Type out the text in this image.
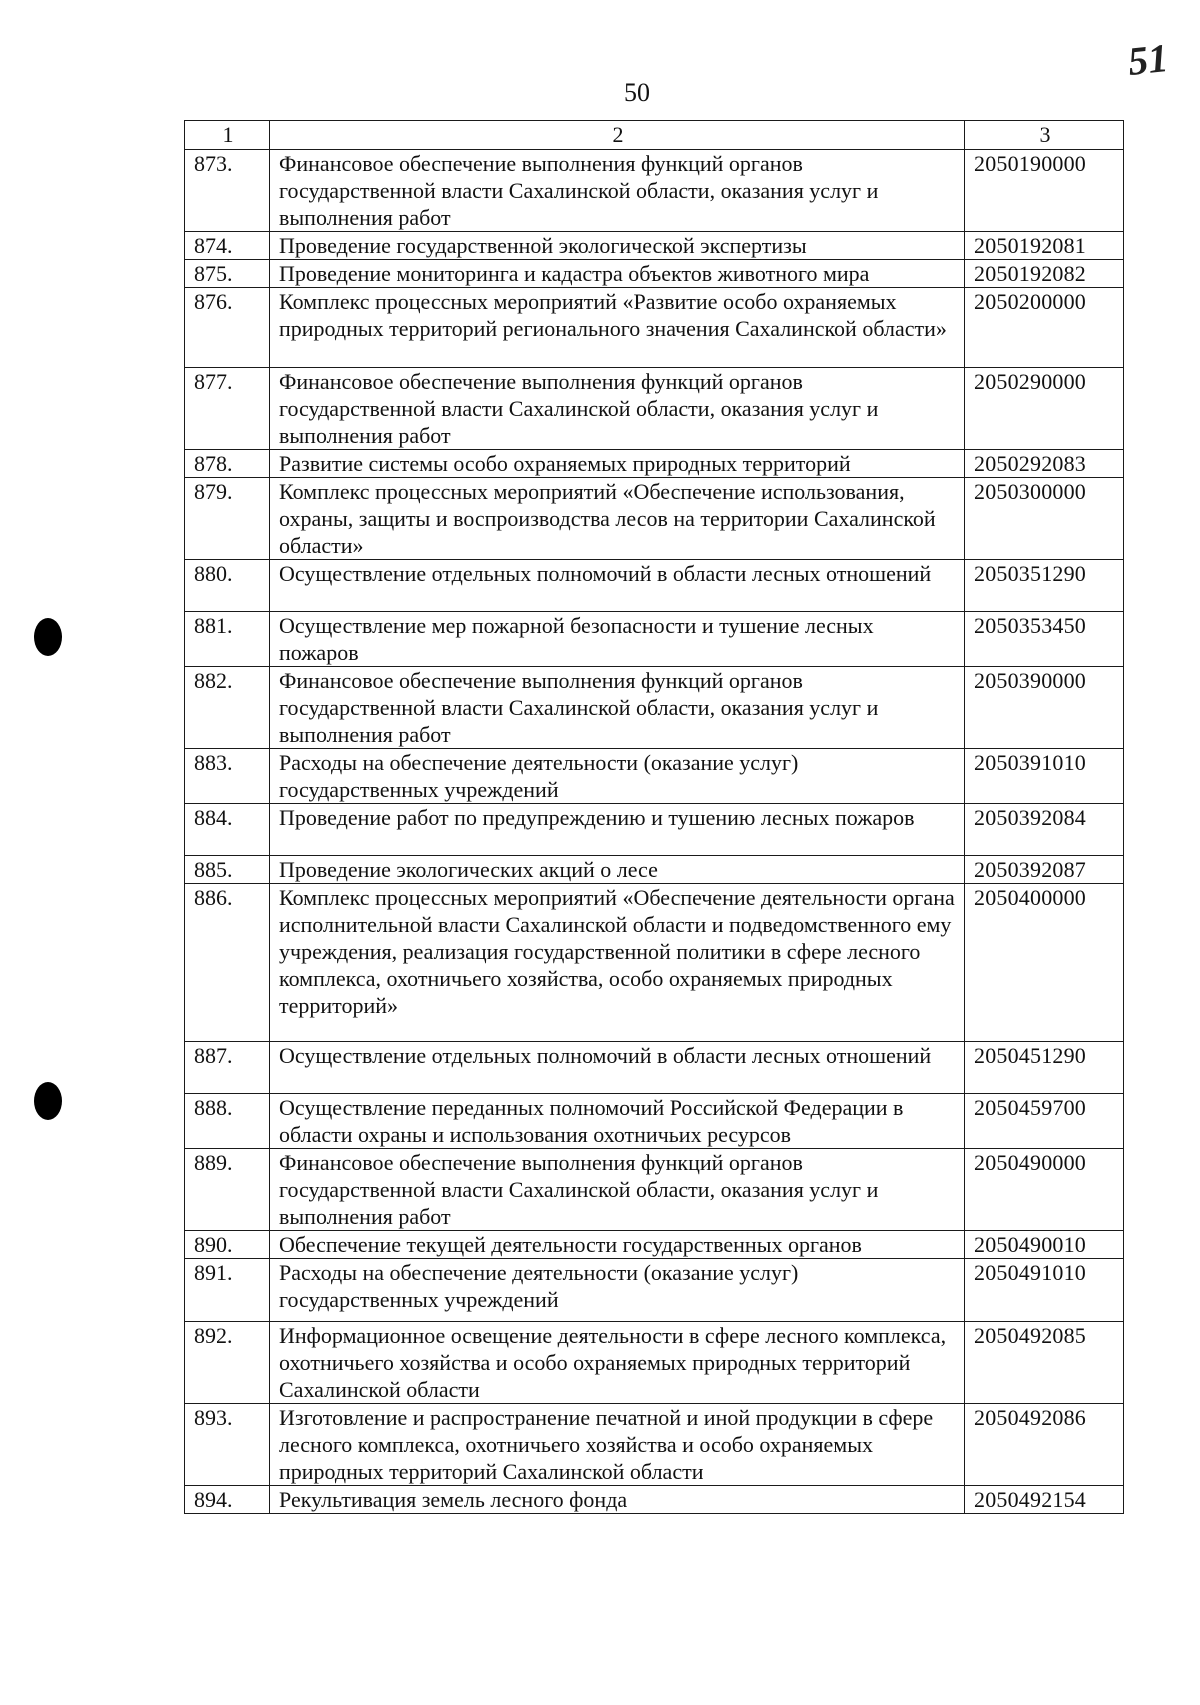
51
50
1	2	3
873.	Финансовое обеспечение выполнения функций органов государственной власти Сахалинской области, оказания услуг и выполнения работ	2050190000
874.	Проведение государственной экологической экспертизы	2050192081
875.	Проведение мониторинга и кадастра объектов животного мира	2050192082
876.	Комплекс процессных мероприятий «Развитие особо охраняемых природных территорий регионального значения Сахалинской области»	2050200000
877.	Финансовое обеспечение выполнения функций органов государственной власти Сахалинской области, оказания услуг и выполнения работ	2050290000
878.	Развитие системы особо охраняемых природных территорий	2050292083
879.	Комплекс процессных мероприятий «Обеспечение использования, охраны, защиты и воспроизводства лесов на территории Сахалинской области»	2050300000
880.	Осуществление отдельных полномочий в области лесных отношений	2050351290
881.	Осуществление мер пожарной безопасности и тушение лесных пожаров	2050353450
882.	Финансовое обеспечение выполнения функций органов государственной власти Сахалинской области, оказания услуг и выполнения работ	2050390000
883.	Расходы на обеспечение деятельности (оказание услуг) государственных учреждений	2050391010
884.	Проведение работ по предупреждению и тушению лесных пожаров	2050392084
885.	Проведение экологических акций о лесе	2050392087
886.	Комплекс процессных мероприятий «Обеспечение деятельности органа исполнительной власти Сахалинской области и подведомственного ему учреждения, реализация государственной политики в сфере лесного комплекса, охотничьего хозяйства, особо охраняемых природных территорий»	2050400000
887.	Осуществление отдельных полномочий в области лесных отношений	2050451290
888.	Осуществление переданных полномочий Российской Федерации в области охраны и использования охотничьих ресурсов	2050459700
889.	Финансовое обеспечение выполнения функций органов государственной власти Сахалинской области, оказания услуг и выполнения работ	2050490000
890.	Обеспечение текущей деятельности государственных органов	2050490010
891.	Расходы на обеспечение деятельности (оказание услуг) государственных учреждений	2050491010
892.	Информационное освещение деятельности в сфере лесного комплекса, охотничьего хозяйства и особо охраняемых природных территорий Сахалинской области	2050492085
893.	Изготовление и распространение печатной и иной продукции в сфере лесного комплекса, охотничьего хозяйства и особо охраняемых природных территорий Сахалинской области	2050492086
894.	Рекультивация земель лесного фонда	2050492154
